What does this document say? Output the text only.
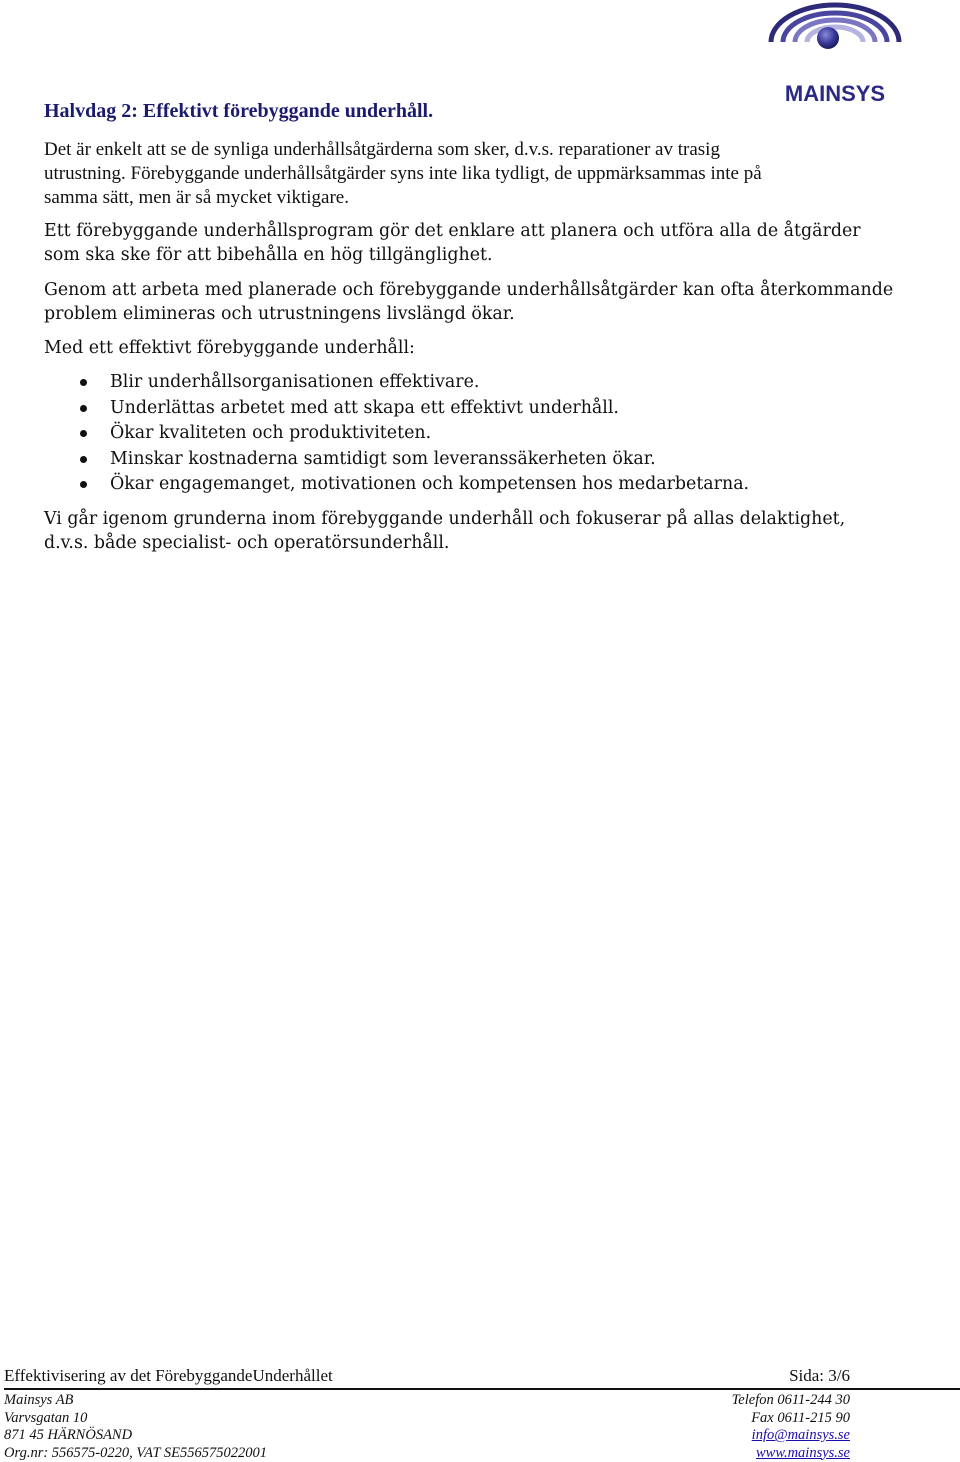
MAINSYS
Halvdag 2: Effektivt förebyggande underhåll.

Det är enkelt att se de synliga underhållsåtgärderna som sker, d.v.s. reparationer av trasig
utrustning. Förebyggande underhållsåtgärder syns inte lika tydligt, de uppmärksammas inte på
samma sätt, men är så mycket viktigare.

Ett förebyggande underhållsprogram gör det enklare att planera och utföra alla de åtgärder
som ska ske för att bibehålla en hög tillgänglighet.

Genom att arbeta med planerade och förebyggande underhållsåtgärder kan ofta återkommande
problem elimineras och utrustningens livslängd ökar.

Med ett effektivt förebyggande underhåll:

Blir underhållsorganisationen effektivare.
Underlättas arbetet med att skapa ett effektivt underhåll.
Ökar kvaliteten och produktiviteten.
Minskar kostnaderna samtidigt som leveranssäkerheten ökar.
Ökar engagemanget, motivationen och kompetensen hos medarbetarna.

Vi går igenom grunderna inom förebyggande underhåll och fokuserar på allas delaktighet,
d.v.s. både specialist- och operatörsunderhåll.

Effektivisering av det FörebyggandeUnderhållet	Sida: 3/6
Mainsys AB
Varvsgatan 10
871 45 HÄRNÖSAND
Org.nr: 556575-0220, VAT SE556575022001
Telefon 0611-244 30
Fax 0611-215 90
info@mainsys.se
www.mainsys.se
